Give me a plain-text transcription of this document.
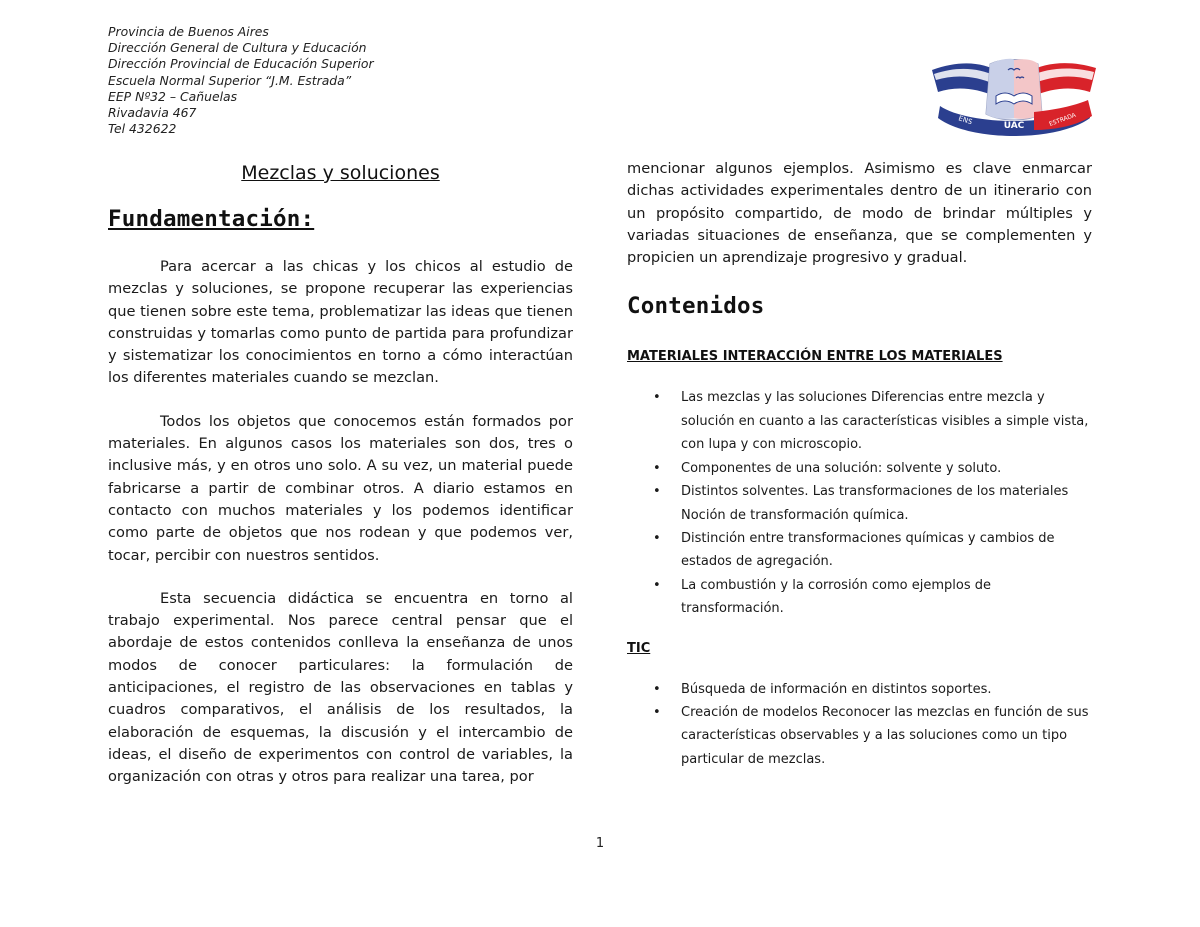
Provincia de Buenos Aires
Dirección General de Cultura y Educación
Dirección Provincial de Educación Superior
Escuela Normal Superior “J.M. Estrada”
EEP Nº32 – Cañuelas
Rivadavia 467
Tel 432622
ENS	UAC	ESTRADA
Mezclas y soluciones
Fundamentación:

Para acercar a las chicas y los chicos al estudio de mezclas y soluciones, se propone recuperar las experiencias que tienen sobre este tema, problematizar las ideas que tienen construidas y tomarlas como punto de partida para profundizar y sistematizar los conocimientos en torno a cómo interactúan los diferentes materiales cuando se mezclan.

Todos los objetos que conocemos están formados por materiales. En algunos casos los materiales son dos, tres o inclusive más, y en otros uno solo. A su vez, un material puede fabricarse a partir de combinar otros. A diario estamos en contacto con muchos materiales y los podemos identificar como parte de objetos que nos rodean y que podemos ver, tocar, percibir con nuestros sentidos.

Esta secuencia didáctica se encuentra en torno al trabajo experimental. Nos parece central pensar que el abordaje de estos contenidos conlleva la enseñanza de unos modos de conocer particulares: la formulación de anticipaciones, el registro de las observaciones en tablas y cuadros comparativos, el análisis de los resultados, la elaboración de esquemas, la discusión y el intercambio de ideas, el diseño de experimentos con control de variables, la organización con otras y otros para realizar una tarea, por

mencionar algunos ejemplos. Asimismo es clave enmarcar dichas actividades experimentales dentro de un itinerario con un propósito compartido, de modo de brindar múltiples y variadas situaciones de enseñanza, que se complementen y propicien un aprendizaje progresivo y gradual.

Contenidos
MATERIALES INTERACCIÓN ENTRE LOS MATERIALES
• Las mezclas y las soluciones Diferencias entre mezcla y solución en cuanto a las características visibles a simple vista, con lupa y con microscopio.
• Componentes de una solución: solvente y soluto.
• Distintos solventes. Las transformaciones de los materiales Noción de transformación química.
• Distinción entre transformaciones químicas y cambios de estados de agregación.
• La combustión y la corrosión como ejemplos de transformación.
TIC
• Búsqueda de información en distintos soportes.
• Creación de modelos Reconocer las mezclas en función de sus características observables y a las soluciones como un tipo particular de mezclas.
1
